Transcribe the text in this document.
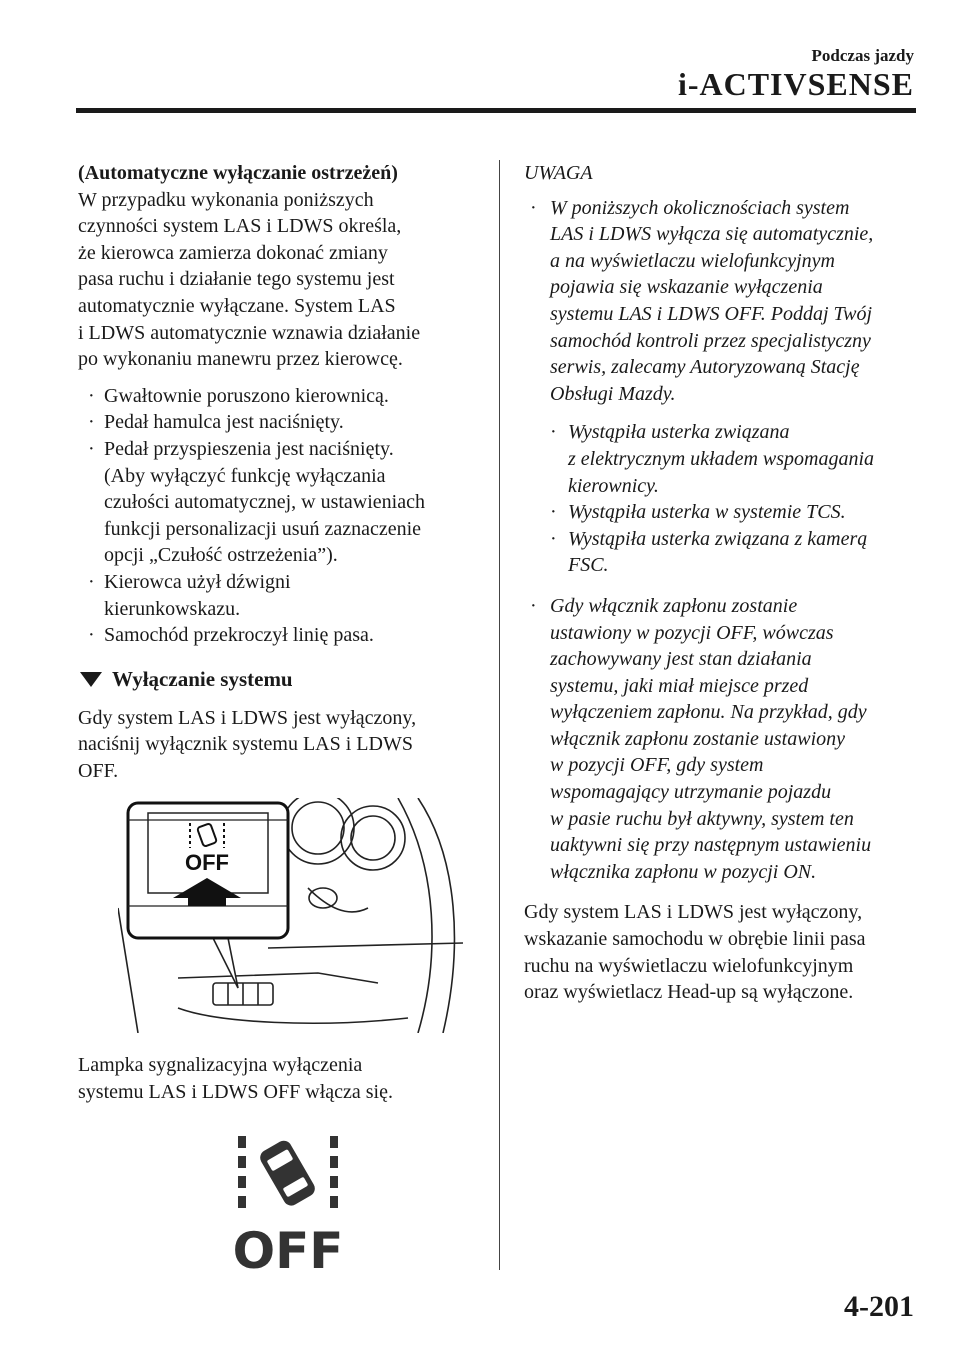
Podczas jazdy
i-ACTIVSENSE
(Automatyczne wyłączanie ostrzeżeń)
W przypadku wykonania poniższych
czynności system LAS i LDWS określa,
że kierowca zamierza dokonać zmiany
pasa ruchu i działanie tego systemu jest
automatycznie wyłączane. System LAS
i LDWS automatycznie wznawia działanie
po wykonaniu manewru przez kierowcę.
· Gwałtownie poruszono kierownicą.
· Pedał hamulca jest naciśnięty.
· Pedał przyspieszenia jest naciśnięty.
(Aby wyłączyć funkcję wyłączania
czułości automatycznej, w ustawieniach
funkcji personalizacji usuń zaznaczenie
opcji „Czułość ostrzeżenia”).
· Kierowca użył dźwigni
kierunkowskazu.
· Samochód przekroczył linię pasa.
Wyłączanie systemu
Gdy system LAS i LDWS jest wyłączony,
naciśnij wyłącznik systemu LAS i LDWS
OFF.
OFF
Lampka sygnalizacyjna wyłączenia
systemu LAS i LDWS OFF włącza się.
OFF
UWAGA
· W poniższych okolicznościach system
LAS i LDWS wyłącza się automatycznie,
a na wyświetlaczu wielofunkcyjnym
pojawia się wskazanie wyłączenia
systemu LAS i LDWS OFF. Poddaj Twój
samochód kontroli przez specjalistyczny
serwis, zalecamy Autoryzowaną Stację
Obsługi Mazdy.
· Wystąpiła usterka związana
z elektrycznym układem wspomagania
kierownicy.
· Wystąpiła usterka w systemie TCS.
· Wystąpiła usterka związana z kamerą
FSC.
· Gdy włącznik zapłonu zostanie
ustawiony w pozycji OFF, wówczas
zachowywany jest stan działania
systemu, jaki miał miejsce przed
wyłączeniem zapłonu. Na przykład, gdy
włącznik zapłonu zostanie ustawiony
w pozycji OFF, gdy system
wspomagający utrzymanie pojazdu
w pasie ruchu był aktywny, system ten
uaktywni się przy następnym ustawieniu
włącznika zapłonu w pozycji ON.
Gdy system LAS i LDWS jest wyłączony,
wskazanie samochodu w obrębie linii pasa
ruchu na wyświetlaczu wielofunkcyjnym
oraz wyświetlacz Head-up są wyłączone.
4-201
